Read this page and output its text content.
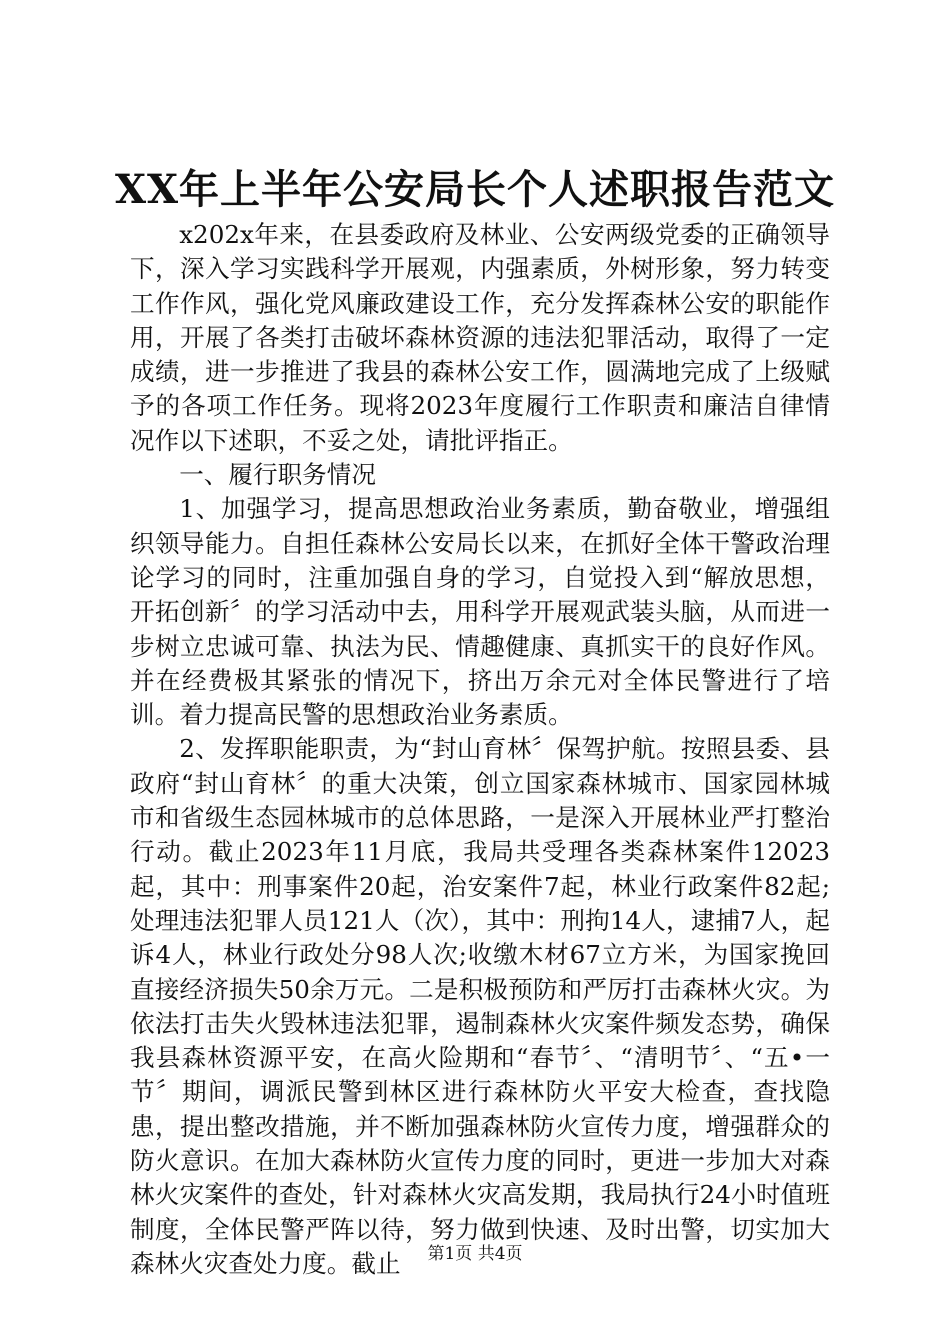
XX年上半年公安局长个人述职报告范文

x202x年来，在县委政府及林业、公安两级党委的正确领导下，深入学习实践科学开展观，内强素质，外树形象，努力转变工作作风，强化党风廉政建设工作，充分发挥森林公安的职能作用，开展了各类打击破坏森林资源的违法犯罪活动，取得了一定成绩，进一步推进了我县的森林公安工作，圆满地完成了上级赋予的各项工作任务。现将2023年度履行工作职责和廉洁自律情况作以下述职，不妥之处，请批评指正。

一、履行职务情况

1、加强学习，提高思想政治业务素质，勤奋敬业，增强组织领导能力。自担任森林公安局长以来，在抓好全体干警政治理论学习的同时，注重加强自身的学习，自觉投入到“解放思想，开拓创新〞的学习活动中去，用科学开展观武装头脑，从而进一步树立忠诚可靠、执法为民、情趣健康、真抓实干的良好作风。并在经费极其紧张的情况下，挤出万余元对全体民警进行了培训。着力提高民警的思想政治业务素质。

2、发挥职能职责，为“封山育林〞保驾护航。按照县委、县政府“封山育林〞的重大决策，创立国家森林城市、国家园林城市和省级生态园林城市的总体思路，一是深入开展林业严打整治行动。截止2023年11月底，我局共受理各类森林案件12023起，其中：刑事案件20起，治安案件7起，林业行政案件82起;处理违法犯罪人员121人（次），其中：刑拘14人，逮捕7人，起诉4人，林业行政处分98人次;收缴木材67立方米，为国家挽回直接经济损失50余万元。二是积极预防和严厉打击森林火灾。为依法打击失火毁林违法犯罪，遏制森林火灾案件频发态势，确保我县森林资源平安，在高火险期和“春节〞、“清明节〞、“五•一节〞期间，调派民警到林区进行森林防火平安大检查，查找隐患，提出整改措施，并不断加强森林防火宣传力度，增强群众的防火意识。在加大森林防火宣传力度的同时，更进一步加大对森林火灾案件的查处，针对森林火灾高发期，我局执行24小时值班制度，全体民警严阵以待，努力做到快速、及时出警，切实加大森林火灾查处力度。截止	第1页 共4页
